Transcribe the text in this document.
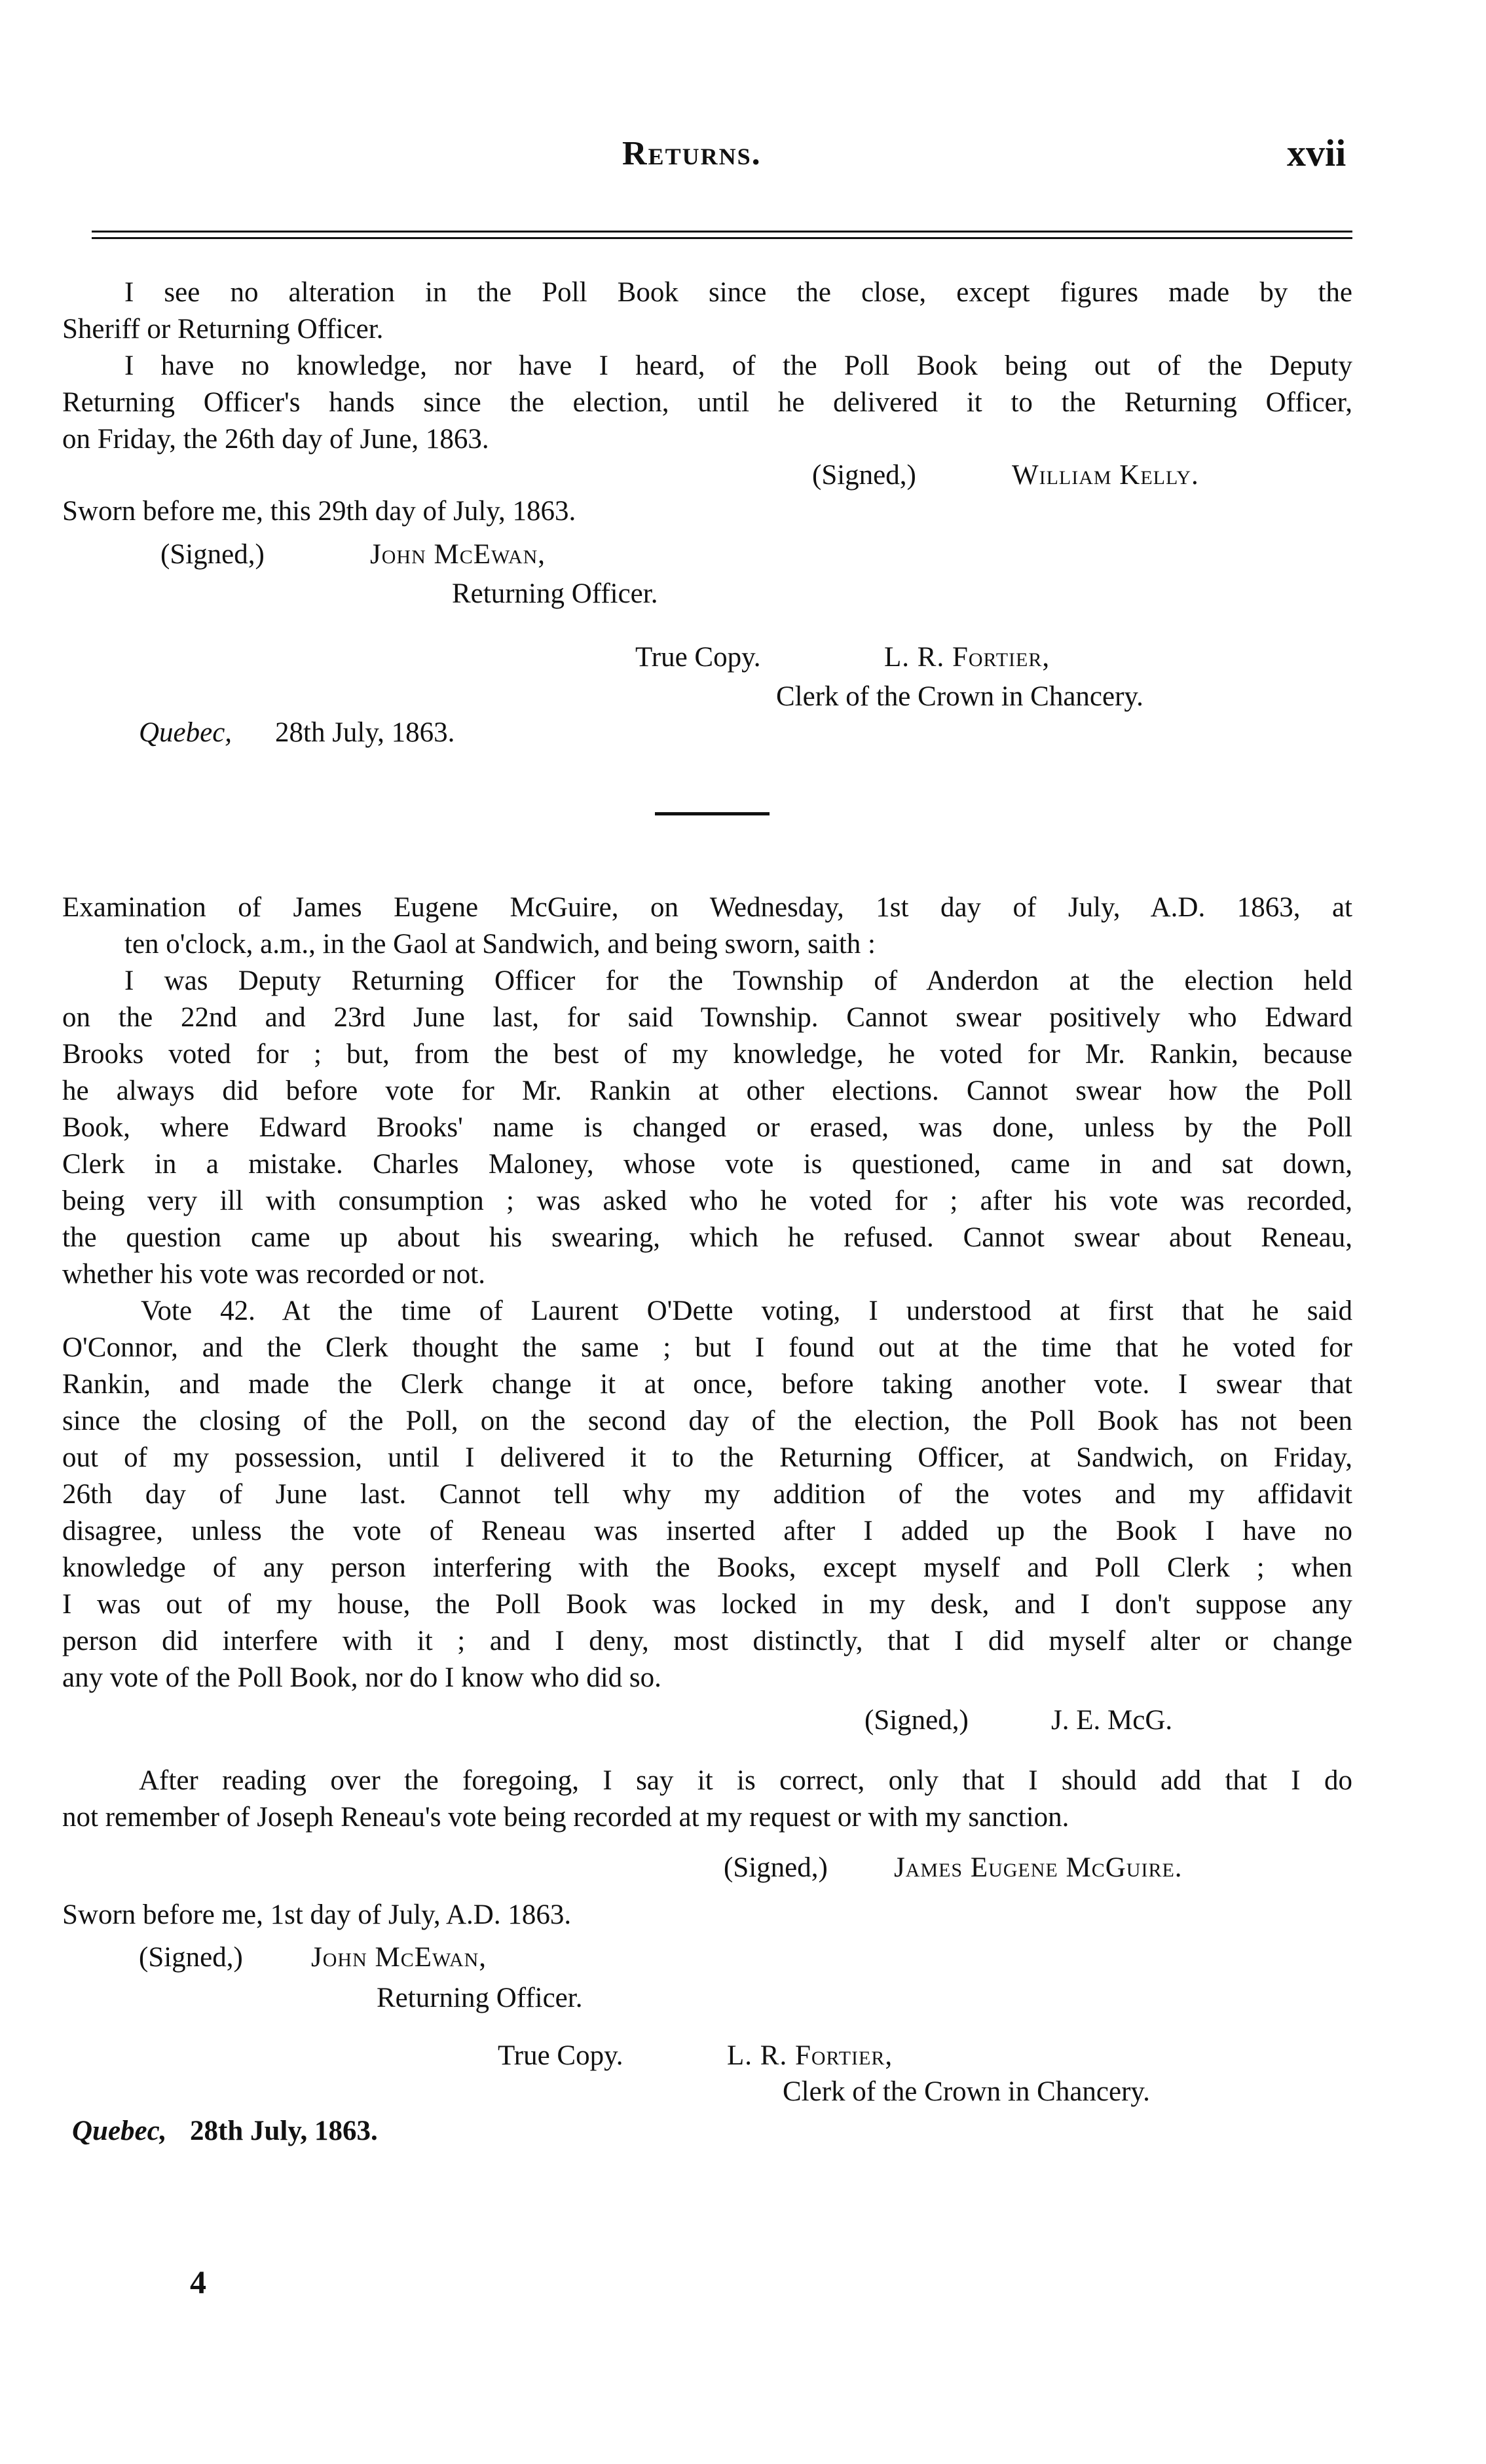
Returns.	xvii
I see no alteration in the Poll Book since the close, except figures made by the
Sheriff or Returning Officer.
I have no knowledge, nor have I heard, of the Poll Book being out of the Deputy
Returning Officer's hands since the election, until he delivered it to the Returning Officer,
on Friday, the 26th day of June, 1863.
(Signed,)	William Kelly.
Sworn before me, this 29th day of July, 1863.
(Signed,)	John McEwan,
Returning Officer.
True Copy.	L. R. Fortier,
Clerk of the Crown in Chancery.
Quebec, 28th July, 1863.
Examination of James Eugene McGuire, on Wednesday, 1st day of July, A.D. 1863, at
ten o'clock, a.m., in the Gaol at Sandwich, and being sworn, saith :
I was Deputy Returning Officer for the Township of Anderdon at the election held
on the 22nd and 23rd June last, for said Township. Cannot swear positively who Edward
Brooks voted for ; but, from the best of my knowledge, he voted for Mr. Rankin, because
he always did before vote for Mr. Rankin at other elections. Cannot swear how the Poll
Book, where Edward Brooks' name is changed or erased, was done, unless by the Poll
Clerk in a mistake. Charles Maloney, whose vote is questioned, came in and sat down,
being very ill with consumption ; was asked who he voted for ; after his vote was recorded,
the question came up about his swearing, which he refused. Cannot swear about Reneau,
whether his vote was recorded or not.
Vote 42. At the time of Laurent O'Dette voting, I understood at first that he said
O'Connor, and the Clerk thought the same ; but I found out at the time that he voted for
Rankin, and made the Clerk change it at once, before taking another vote. I swear that
since the closing of the Poll, on the second day of the election, the Poll Book has not been
out of my possession, until I delivered it to the Returning Officer, at Sandwich, on Friday,
26th day of June last. Cannot tell why my addition of the votes and my affidavit
disagree, unless the vote of Reneau was inserted after I added up the Book I have no
knowledge of any person interfering with the Books, except myself and Poll Clerk ; when
I was out of my house, the Poll Book was locked in my desk, and I don't suppose any
person did interfere with it ; and I deny, most distinctly, that I did myself alter or change
any vote of the Poll Book, nor do I know who did so.
(Signed,)	J. E. McG.
After reading over the foregoing, I say it is correct, only that I should add that I do
not remember of Joseph Reneau's vote being recorded at my request or with my sanction.
(Signed,) James Eugene McGuire.
Sworn before me, 1st day of July, A.D. 1863.
(Signed,) John McEwan,
Returning Officer.
True Copy.	L. R. Fortier,
Clerk of the Crown in Chancery.
Quebec, 28th July, 1863.
4
